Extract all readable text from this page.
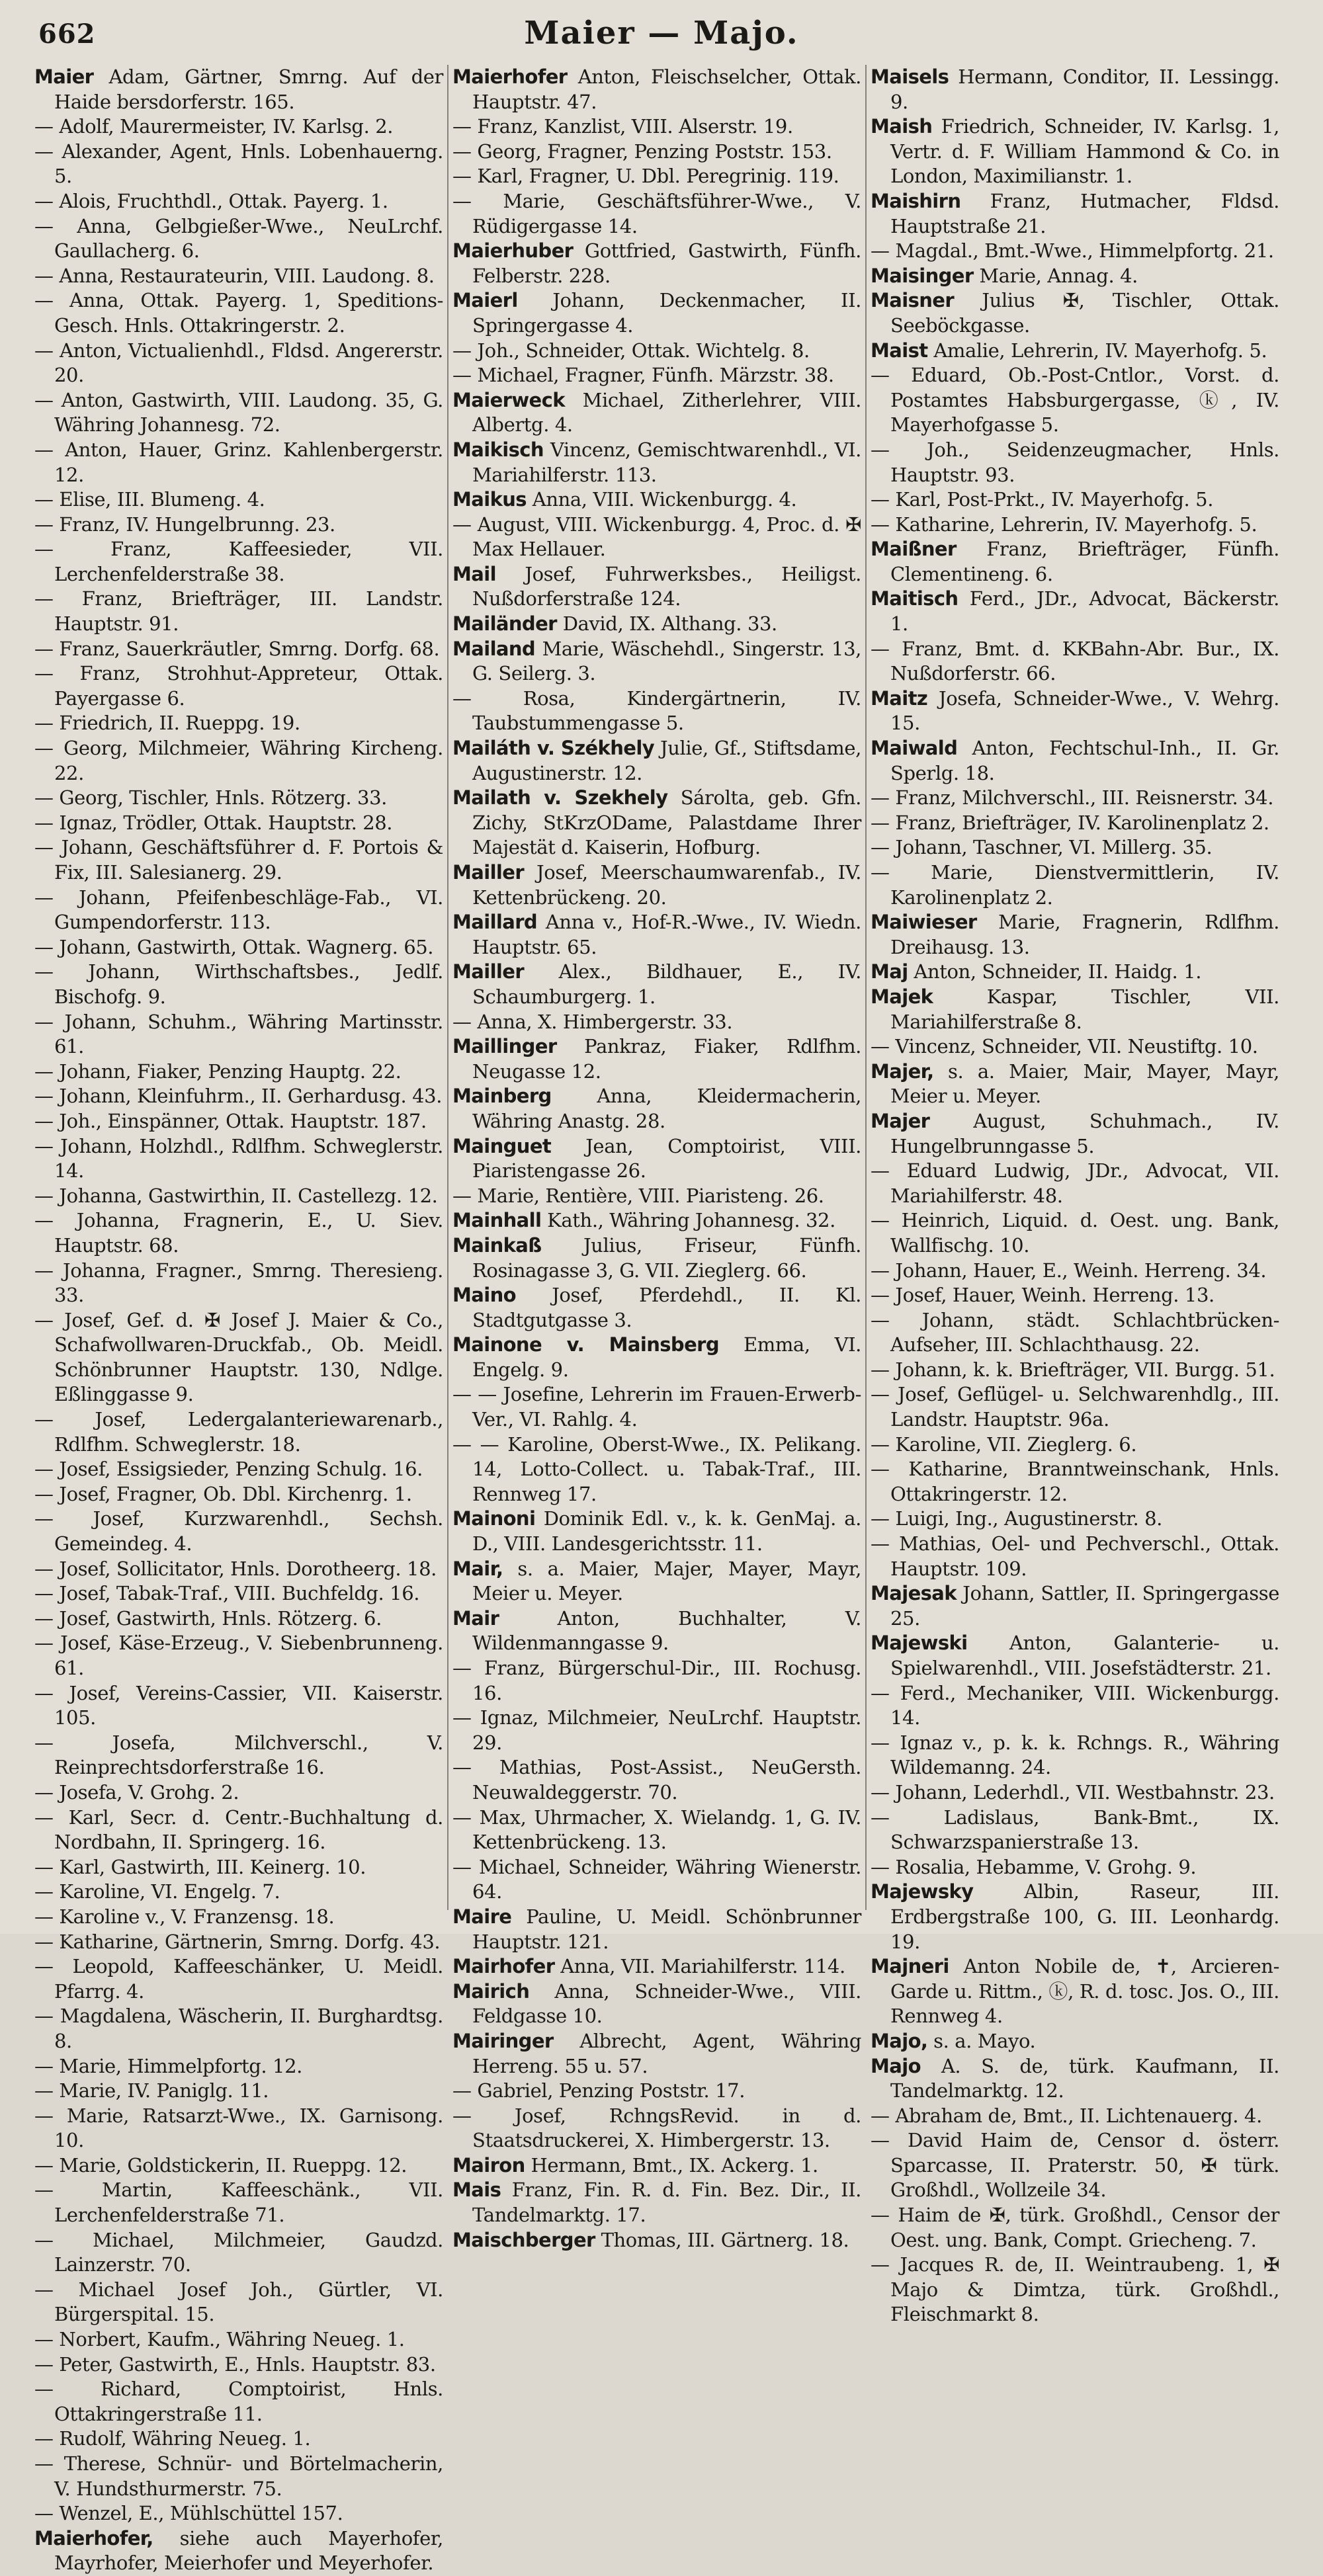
662	Maier — Majo.

Maier Adam, Gärtner, Smrng. Auf der Haide bersdorferstr. 165.

— Adolf, Maurermeister, IV. Karlsg. 2.

— Alexander, Agent, Hnls. Lobenhauerng. 5.

— Alois, Fruchthdl., Ottak. Payerg. 1.

— Anna, Gelbgießer-Wwe., NeuLrchf. Gaullacherg. 6.

— Anna, Restaurateurin, VIII. Laudong. 8.

— Anna, Ottak. Payerg. 1, Speditions-Gesch. Hnls. Ottakringerstr. 2.

— Anton, Victualienhdl., Fldsd. Angererstr. 20.

— Anton, Gastwirth, VIII. Laudong. 35, G. Währing Johannesg. 72.

— Anton, Hauer, Grinz. Kahlenbergerstr. 12.

— Elise, III. Blumeng. 4.

— Franz, IV. Hungelbrunng. 23.

— Franz, Kaffeesieder, VII. Lerchenfelderstraße 38.

— Franz, Briefträger, III. Landstr. Hauptstr. 91.

— Franz, Sauerkräutler, Smrng. Dorfg. 68.

— Franz, Strohhut-Appreteur, Ottak. Payergasse 6.

— Friedrich, II. Rueppg. 19.

— Georg, Milchmeier, Währing Kircheng. 22.

— Georg, Tischler, Hnls. Rötzerg. 33.

— Ignaz, Trödler, Ottak. Hauptstr. 28.

— Johann, Geschäftsführer d. F. Portois & Fix, III. Salesianerg. 29.

— Johann, Pfeifenbeschläge-Fab., VI. Gumpendorferstr. 113.

— Johann, Gastwirth, Ottak. Wagnerg. 65.

— Johann, Wirthschaftsbes., Jedlf. Bischofg. 9.

— Johann, Schuhm., Währing Martinsstr. 61.

— Johann, Fiaker, Penzing Hauptg. 22.

— Johann, Kleinfuhrm., II. Gerhardusg. 43.

— Joh., Einspänner, Ottak. Hauptstr. 187.

— Johann, Holzhdl., Rdlfhm. Schweglerstr. 14.

— Johanna, Gastwirthin, II. Castellezg. 12.

— Johanna, Fragnerin, E., U. Siev. Hauptstr. 68.

— Johanna, Fragner., Smrng. Theresieng. 33.

— Josef, Gef. d. ✠ Josef J. Maier & Co., Schafwollwaren-Druckfab., Ob. Meidl. Schönbrunner Hauptstr. 130, Ndlge. Eßlinggasse 9.

— Josef, Ledergalanteriewarenarb., Rdlfhm. Schweglerstr. 18.

— Josef, Essigsieder, Penzing Schulg. 16.

— Josef, Fragner, Ob. Dbl. Kirchenrg. 1.

— Josef, Kurzwarenhdl., Sechsh. Gemeindeg. 4.

— Josef, Sollicitator, Hnls. Dorotheerg. 18.

— Josef, Tabak-Traf., VIII. Buchfeldg. 16.

— Josef, Gastwirth, Hnls. Rötzerg. 6.

— Josef, Käse-Erzeug., V. Siebenbrunneng. 61.

— Josef, Vereins-Cassier, VII. Kaiserstr. 105.

— Josefa, Milchverschl., V. Reinprechtsdorferstraße 16.

— Josefa, V. Grohg. 2.

— Karl, Secr. d. Centr.-Buchhaltung d. Nordbahn, II. Springerg. 16.

— Karl, Gastwirth, III. Keinerg. 10.

— Karoline, VI. Engelg. 7.

— Karoline v., V. Franzensg. 18.

— Katharine, Gärtnerin, Smrng. Dorfg. 43.

— Leopold, Kaffeeschänker, U. Meidl. Pfarrg. 4.

— Magdalena, Wäscherin, II. Burghardtsg. 8.

— Marie, Himmelpfortg. 12.

— Marie, IV. Paniglg. 11.

— Marie, Ratsarzt-Wwe., IX. Garnisong. 10.

— Marie, Goldstickerin, II. Rueppg. 12.

— Martin, Kaffeeschänk., VII. Lerchenfelderstraße 71.

— Michael, Milchmeier, Gaudzd. Lainzerstr. 70.

— Michael Josef Joh., Gürtler, VI. Bürgerspital. 15.

— Norbert, Kaufm., Währing Neueg. 1.

— Peter, Gastwirth, E., Hnls. Hauptstr. 83.

— Richard, Comptoirist, Hnls. Ottakringerstraße 11.

— Rudolf, Währing Neueg. 1.

— Therese, Schnür- und Börtelmacherin, V. Hundsthurmerstr. 75.

— Wenzel, E., Mühlschüttel 157.

Maierhofer, siehe auch Mayerhofer, Mayrhofer, Meierhofer und Meyerhofer.

Maierhofer Anton, Fleischselcher, Ottak. Hauptstr. 47.

— Franz, Kanzlist, VIII. Alserstr. 19.

— Georg, Fragner, Penzing Poststr. 153.

— Karl, Fragner, U. Dbl. Peregrinig. 119.

— Marie, Geschäftsführer-Wwe., V. Rüdigergasse 14.

Maierhuber Gottfried, Gastwirth, Fünfh. Felberstr. 228.

Maierl Johann, Deckenmacher, II. Springergasse 4.

— Joh., Schneider, Ottak. Wichtelg. 8.

— Michael, Fragner, Fünfh. Märzstr. 38.

Maierweck Michael, Zitherlehrer, VIII. Albertg. 4.

Maikisch Vincenz, Gemischtwarenhdl., VI. Mariahilferstr. 113.

Maikus Anna, VIII. Wickenburgg. 4.

— August, VIII. Wickenburgg. 4, Proc. d. ✠ Max Hellauer.

Mail Josef, Fuhrwerksbes., Heiligst. Nußdorferstraße 124.

Mailänder David, IX. Althang. 33.

Mailand Marie, Wäschehdl., Singerstr. 13, G. Seilerg. 3.

— Rosa, Kindergärtnerin, IV. Taubstummengasse 5.

Mailáth v. Székhely Julie, Gf., Stiftsdame, Augustinerstr. 12.

Mailath v. Szekhely Sárolta, geb. Gfn. Zichy, StKrzODame, Palastdame Ihrer Majestät d. Kaiserin, Hofburg.

Mailler Josef, Meerschaumwarenfab., IV. Kettenbrückeng. 20.

Maillard Anna v., Hof-R.-Wwe., IV. Wiedn. Hauptstr. 65.

Mailler Alex., Bildhauer, E., IV. Schaumburgerg. 1.

— Anna, X. Himbergerstr. 33.

Maillinger Pankraz, Fiaker, Rdlfhm. Neugasse 12.

Mainberg Anna, Kleidermacherin, Währing Anastg. 28.

Mainguet Jean, Comptoirist, VIII. Piaristengasse 26.

— Marie, Rentière, VIII. Piaristeng. 26.

Mainhall Kath., Währing Johannesg. 32.

Mainkaß Julius, Friseur, Fünfh. Rosinagasse 3, G. VII. Zieglerg. 66.

Maino Josef, Pferdehdl., II. Kl. Stadtgutgasse 3.

Mainone v. Mainsberg Emma, VI. Engelg. 9.

— — Josefine, Lehrerin im Frauen-Erwerb-Ver., VI. Rahlg. 4.

— — Karoline, Oberst-Wwe., IX. Pelikang. 14, Lotto-Collect. u. Tabak-Traf., III. Rennweg 17.

Mainoni Dominik Edl. v., k. k. GenMaj. a. D., VIII. Landesgerichtsstr. 11.

Mair, s. a. Maier, Majer, Mayer, Mayr, Meier u. Meyer.

Mair	Anton, Buchhalter, V. Wildenmanngasse 9.

— Franz, Bürgerschul-Dir., III. Rochusg. 16.

— Ignaz, Milchmeier, NeuLrchf. Hauptstr. 29.

— Mathias, Post-Assist., NeuGersth. Neuwaldeggerstr. 70.

— Max, Uhrmacher, X. Wielandg. 1, G. IV. Kettenbrückeng. 13.

— Michael, Schneider, Währing Wienerstr. 64.

Maire Pauline, U. Meidl. Schönbrunner Hauptstr. 121.

Mairhofer Anna, VII. Mariahilferstr. 114.

Mairich Anna, Schneider-Wwe., VIII. Feldgasse 10.

Mairinger Albrecht, Agent, Währing Herreng. 55 u. 57.

— Gabriel, Penzing Poststr. 17.

— Josef, RchngsRevid. in d. Staatsdruckerei, X. Himbergerstr. 13.

Mairon Hermann, Bmt., IX. Ackerg. 1.

Mais Franz, Fin. R. d. Fin. Bez. Dir., II. Tandelmarktg. 17.

Maischberger Thomas, III. Gärtnerg. 18.

Maisels Hermann, Conditor, II. Lessingg. 9.

Maish Friedrich, Schneider, IV. Karlsg. 1, Vertr. d. F. William Hammond & Co. in London, Maximilianstr. 1.

Maishirn Franz, Hutmacher, Fldsd. Hauptstraße 21.

— Magdal., Bmt.-Wwe., Himmelpfortg. 21.

Maisinger Marie, Annag. 4.

Maisner Julius ✠, Tischler, Ottak. Seeböckgasse.

Maist Amalie, Lehrerin, IV. Mayerhofg. 5.

— Eduard, Ob.-Post-Cntlor., Vorst. d. Postamtes Habsburgergasse, ⓚ, IV. Mayerhofgasse 5.

— Joh., Seidenzeugmacher, Hnls. Hauptstr. 93.

— Karl, Post-Prkt., IV. Mayerhofg. 5.

— Katharine, Lehrerin, IV. Mayerhofg. 5.

Maißner Franz, Briefträger, Fünfh. Clementineng. 6.

Maitisch Ferd., JDr., Advocat, Bäckerstr. 1.

— Franz, Bmt. d. KKBahn-Abr. Bur., IX. Nußdorferstr. 66.

Maitz Josefa, Schneider-Wwe., V. Wehrg. 15.

Maiwald Anton, Fechtschul-Inh., II. Gr. Sperlg. 18.

— Franz, Milchverschl., III. Reisnerstr. 34.

— Franz, Briefträger, IV. Karolinenplatz 2.

— Johann, Taschner, VI. Millerg. 35.

— Marie, Dienstvermittlerin, IV. Karolinenplatz 2.

Maiwieser Marie, Fragnerin, Rdlfhm. Dreihausg. 13.

Maj Anton, Schneider, II. Haidg. 1.

Majek	Kaspar, Tischler, VII. Mariahilferstraße 8.

— Vincenz, Schneider, VII. Neustiftg. 10.

Majer, s. a. Maier, Mair, Mayer, Mayr, Meier u. Meyer.

Majer August, Schuhmach., IV. Hungelbrunngasse 5.

— Eduard Ludwig, JDr., Advocat, VII. Mariahilferstr. 48.

— Heinrich, Liquid. d. Oest. ung. Bank, Wallfischg. 10.

— Johann, Hauer, E., Weinh. Herreng. 34.

— Josef, Hauer, Weinh. Herreng. 13.

— Johann, städt. Schlachtbrücken-Aufseher, III. Schlachthausg. 22.

— Johann, k. k. Briefträger, VII. Burgg. 51.

— Josef, Geflügel- u. Selchwarenhdlg., III. Landstr. Hauptstr. 96a.

— Karoline, VII. Zieglerg. 6.

— Katharine, Branntweinschank, Hnls. Ottakringerstr. 12.

— Luigi, Ing., Augustinerstr. 8.

— Mathias, Oel- und Pechverschl., Ottak. Hauptstr. 109.

Majesak Johann, Sattler, II. Springergasse 25.

Majewski Anton, Galanterie- u. Spielwarenhdl., VIII. Josefstädterstr. 21.

— Ferd., Mechaniker, VIII. Wickenburgg. 14.

— Ignaz v., p. k. k. Rchngs. R., Währing Wildemanng. 24.

— Johann, Lederhdl., VII. Westbahnstr. 23.

— Ladislaus, Bank-Bmt., IX. Schwarzspanierstraße 13.

— Rosalia, Hebamme, V. Grohg. 9.

Majewsky	Albin, Raseur, III. Erdbergstraße 100, G. III. Leonhardg. 19.

Majneri Anton Nobile de, ✝, Arcieren-Garde u. Rittm., ⓚ, R. d. tosc. Jos. O., III. Rennweg 4.

Majo, s. a. Mayo.

Majo A. S. de, türk. Kaufmann, II. Tandelmarktg. 12.

— Abraham de, Bmt., II. Lichtenauerg. 4.

— David Haim de, Censor d. österr. Sparcasse, II. Praterstr. 50, ✠ türk. Großhdl., Wollzeile 34.

— Haim de ✠, türk. Großhdl., Censor der Oest. ung. Bank, Compt. Griecheng. 7.

— Jacques R. de, II. Weintraubeng. 1, ✠ Majo & Dimtza, türk. Großhdl., Fleischmarkt 8.
